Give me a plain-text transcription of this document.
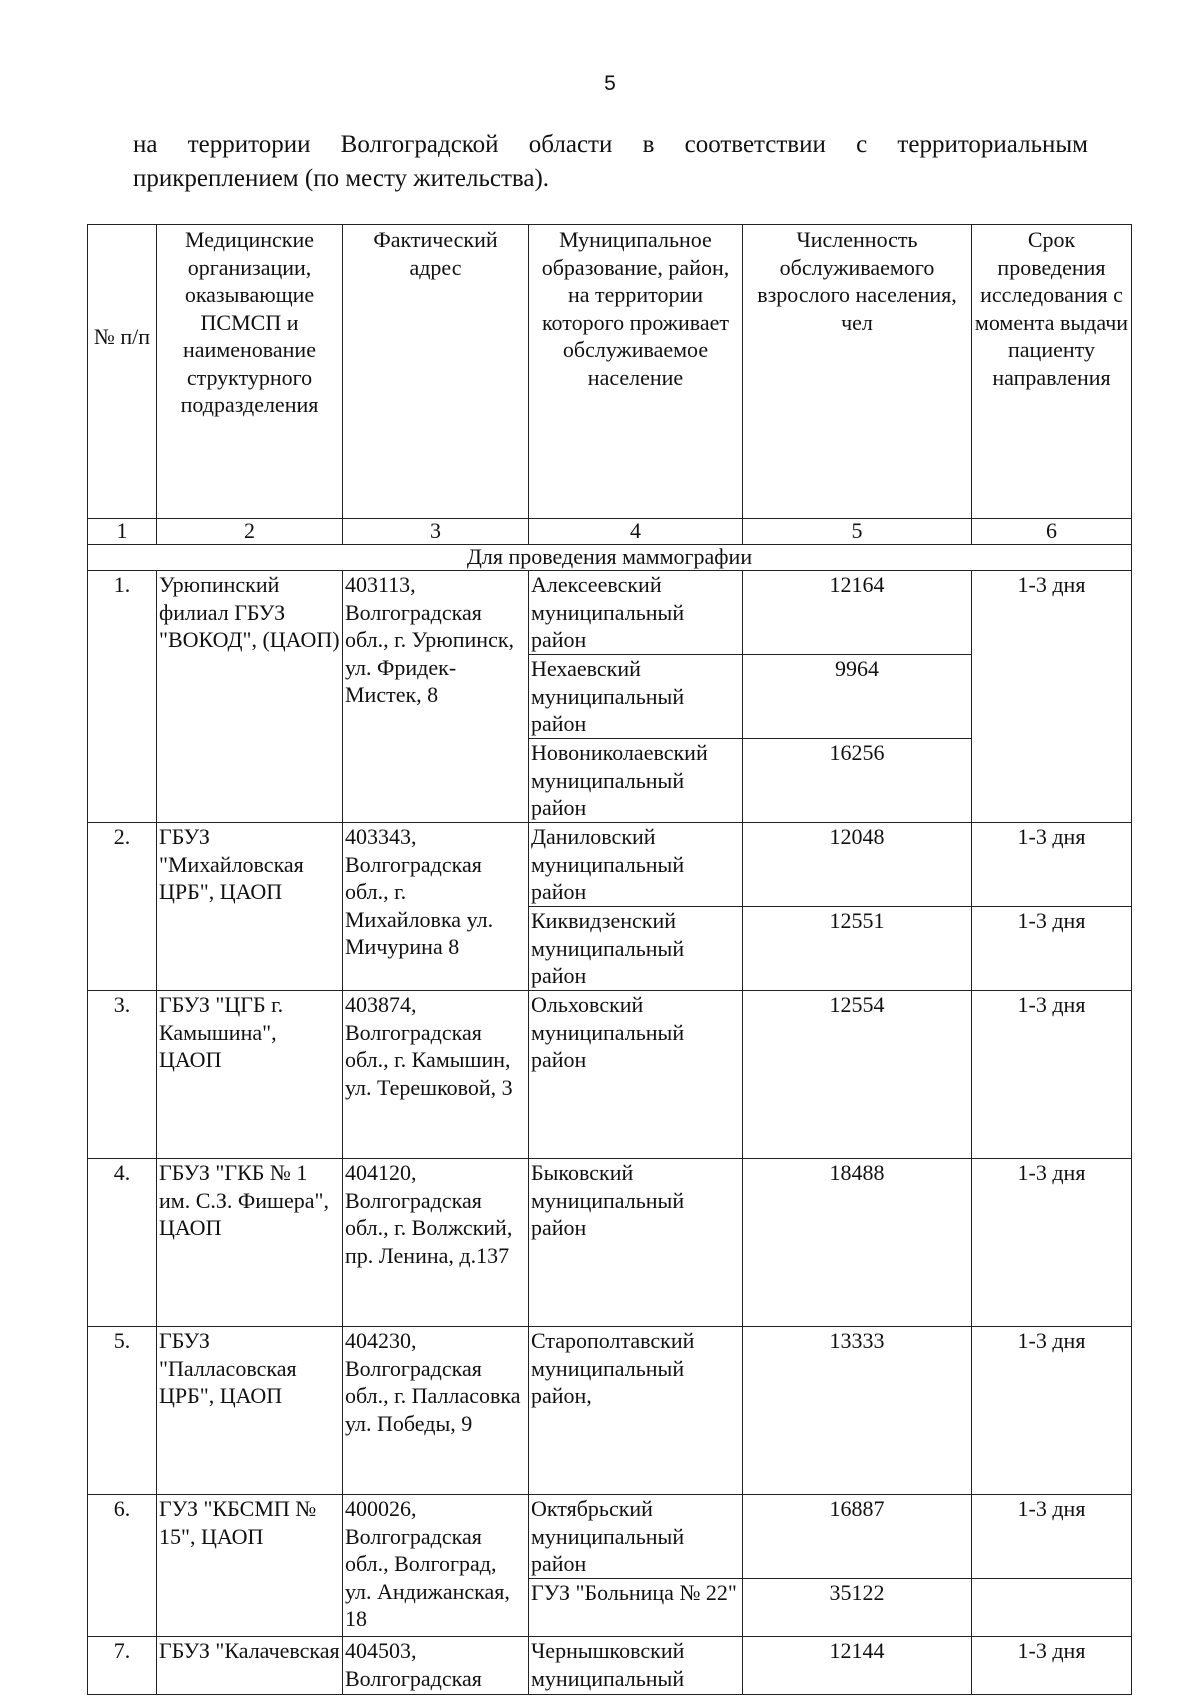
5
на территории Волгоградской области в соответствии с территориальным прикреплением (по месту жительства).
№ п/п	Медицинские организации, оказывающие ПСМСП и наименование структурного подразделения	Фактический адрес	Муниципальное образование, район, на территории которого проживает обслуживаемое население	Численность обслуживаемого взрослого населения, чел	Срок проведения исследования с момента выдачи пациенту направления
1	2	3	4	5	6
Для проведения маммографии					
1.	Урюпинский филиал ГБУЗ "ВОКОД", (ЦАОП)	403113, Волгоградская обл., г. Урюпинск, ул. Фридек-Мистек, 8	Алексеевский муниципальный район	12164	1-3 дня
			Нехаевский муниципальный район	9964	
			Новониколаевский муниципальный район	16256	
2.	ГБУЗ "Михайловская ЦРБ", ЦАОП	403343, Волгоградская обл., г. Михайловка ул. Мичурина 8	Даниловский муниципальный район	12048	1-3 дня
			Киквидзенский муниципальный район	12551	1-3 дня
3.	ГБУЗ "ЦГБ г. Камышина", ЦАОП	403874, Волгоградская обл., г. Камышин, ул. Терешковой, 3	Ольховский муниципальный район	12554	1-3 дня
4.	ГБУЗ "ГКБ № 1 им. С.З. Фишера", ЦАОП	404120, Волгоградская обл., г. Волжский, пр. Ленина, д.137	Быковский муниципальный район	18488	1-3 дня
5.	ГБУЗ "Палласовская ЦРБ", ЦАОП	404230, Волгоградская обл., г. Палласовка ул. Победы, 9	Старополтавский муниципальный район,	13333	1-3 дня
6.	ГУЗ "КБСМП № 15", ЦАОП	400026, Волгоградская обл., Волгоград, ул. Андижанская, 18	Октябрьский муниципальный район	16887	1-3 дня
			ГУЗ "Больница № 22"	35122	
7.	ГБУЗ "Калачевская	404503, Волгоградская	Чернышковский муниципальный	12144	1-3 дня
